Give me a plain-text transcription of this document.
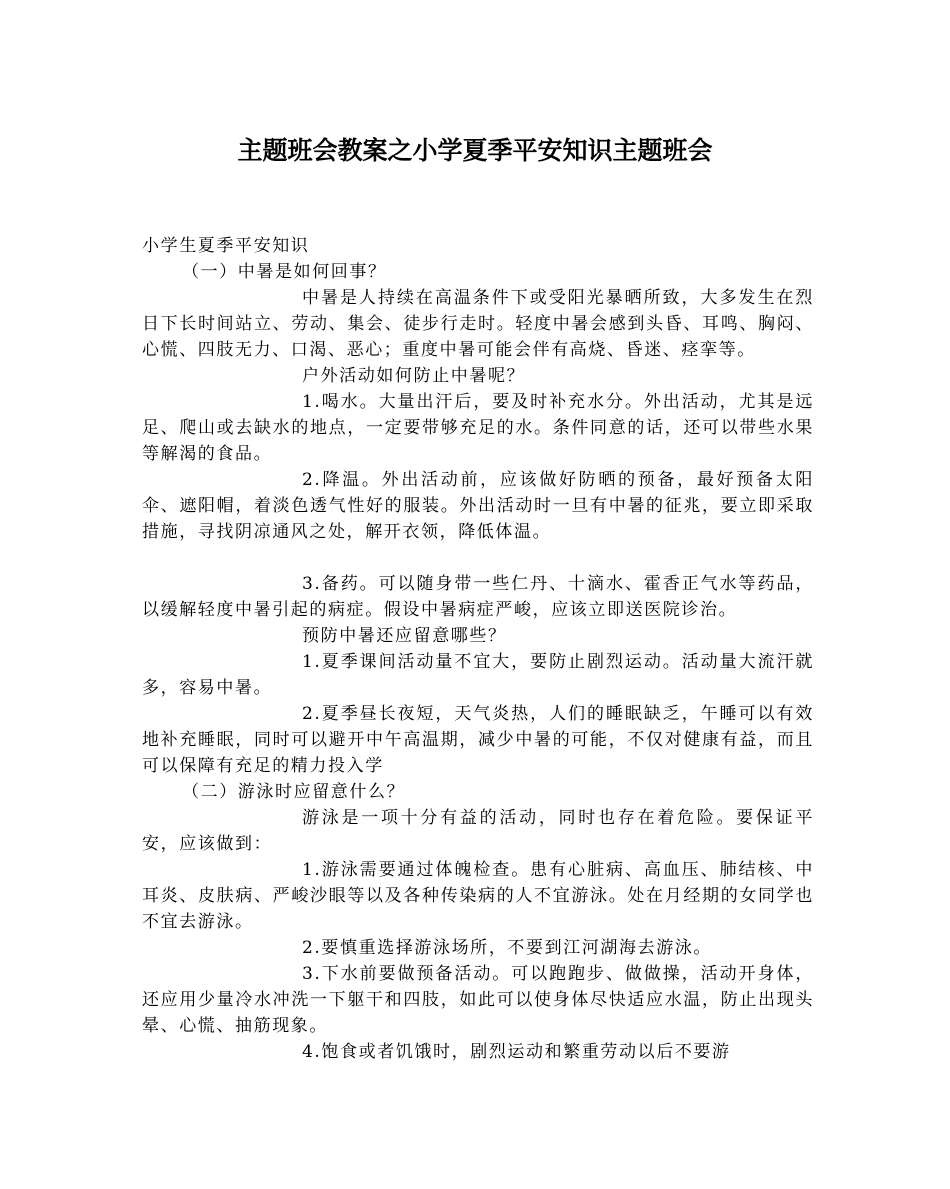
主题班会教案之小学夏季平安知识主题班会

小学生夏季平安知识

（一）中暑是如何回事？

中暑是人持续在高温条件下或受阳光暴晒所致，大多发生在烈日下长时间站立、劳动、集会、徒步行走时。轻度中暑会感到头昏、耳鸣、胸闷、心慌、四肢无力、口渴、恶心；重度中暑可能会伴有高烧、昏迷、痉挛等。

户外活动如何防止中暑呢？

1.喝水。大量出汗后，要及时补充水分。外出活动，尤其是远足、爬山或去缺水的地点，一定要带够充足的水。条件同意的话，还可以带些水果等解渴的食品。

2.降温。外出活动前，应该做好防晒的预备，最好预备太阳伞、遮阳帽，着淡色透气性好的服装。外出活动时一旦有中暑的征兆，要立即采取措施，寻找阴凉通风之处，解开衣领，降低体温。

3.备药。可以随身带一些仁丹、十滴水、霍香正气水等药品，以缓解轻度中暑引起的病症。假设中暑病症严峻，应该立即送医院诊治。

预防中暑还应留意哪些？

1.夏季课间活动量不宜大，要防止剧烈运动。活动量大流汗就多，容易中暑。

2.夏季昼长夜短，天气炎热，人们的睡眠缺乏，午睡可以有效地补充睡眠，同时可以避开中午高温期，减少中暑的可能，不仅对健康有益，而且可以保障有充足的精力投入学

（二）游泳时应留意什么？

游泳是一项十分有益的活动，同时也存在着危险。要保证平安，应该做到：

1.游泳需要通过体魄检查。患有心脏病、高血压、肺结核、中耳炎、皮肤病、严峻沙眼等以及各种传染病的人不宜游泳。处在月经期的女同学也不宜去游泳。

2.要慎重选择游泳场所，不要到江河湖海去游泳。

3.下水前要做预备活动。可以跑跑步、做做操，活动开身体，还应用少量冷水冲洗一下躯干和四肢，如此可以使身体尽快适应水温，防止出现头晕、心慌、抽筋现象。

4.饱食或者饥饿时，剧烈运动和繁重劳动以后不要游
